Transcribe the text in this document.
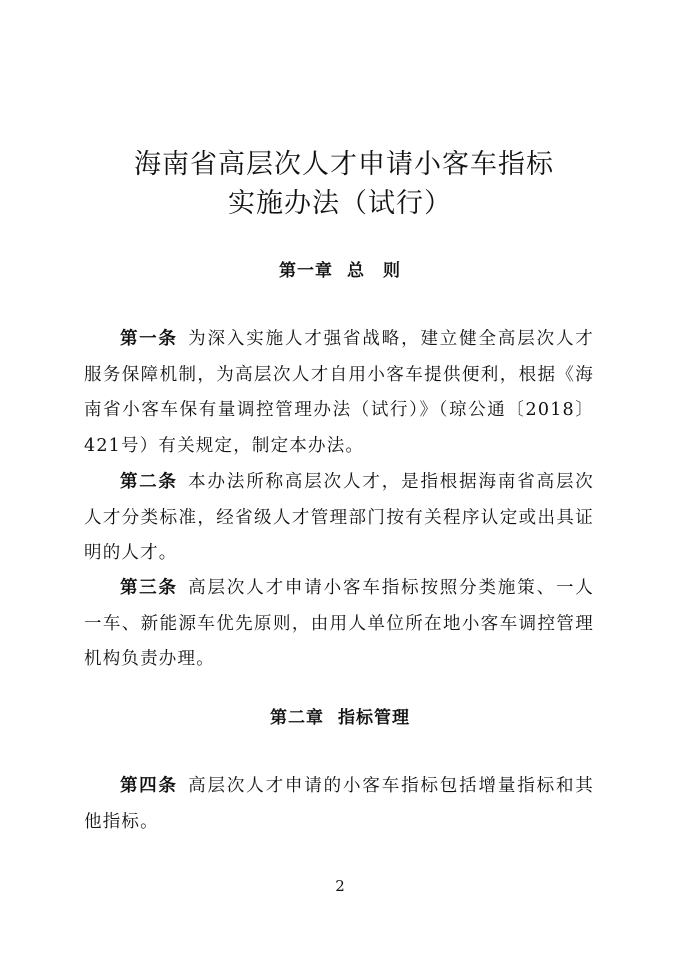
海南省高层次人才申请小客车指标
实施办法（试行）
第一章 总　则
第一条 为深入实施人才强省战略，建立健全高层次人才服务保障机制，为高层次人才自用小客车提供便利，根据《海南省小客车保有量调控管理办法（试行）》（琼公通〔2018〕421号）有关规定，制定本办法。
第二条 本办法所称高层次人才，是指根据海南省高层次人才分类标准，经省级人才管理部门按有关程序认定或出具证明的人才。
第三条 高层次人才申请小客车指标按照分类施策、一人一车、新能源车优先原则，由用人单位所在地小客车调控管理机构负责办理。
第二章 指标管理
第四条 高层次人才申请的小客车指标包括增量指标和其他指标。
2
